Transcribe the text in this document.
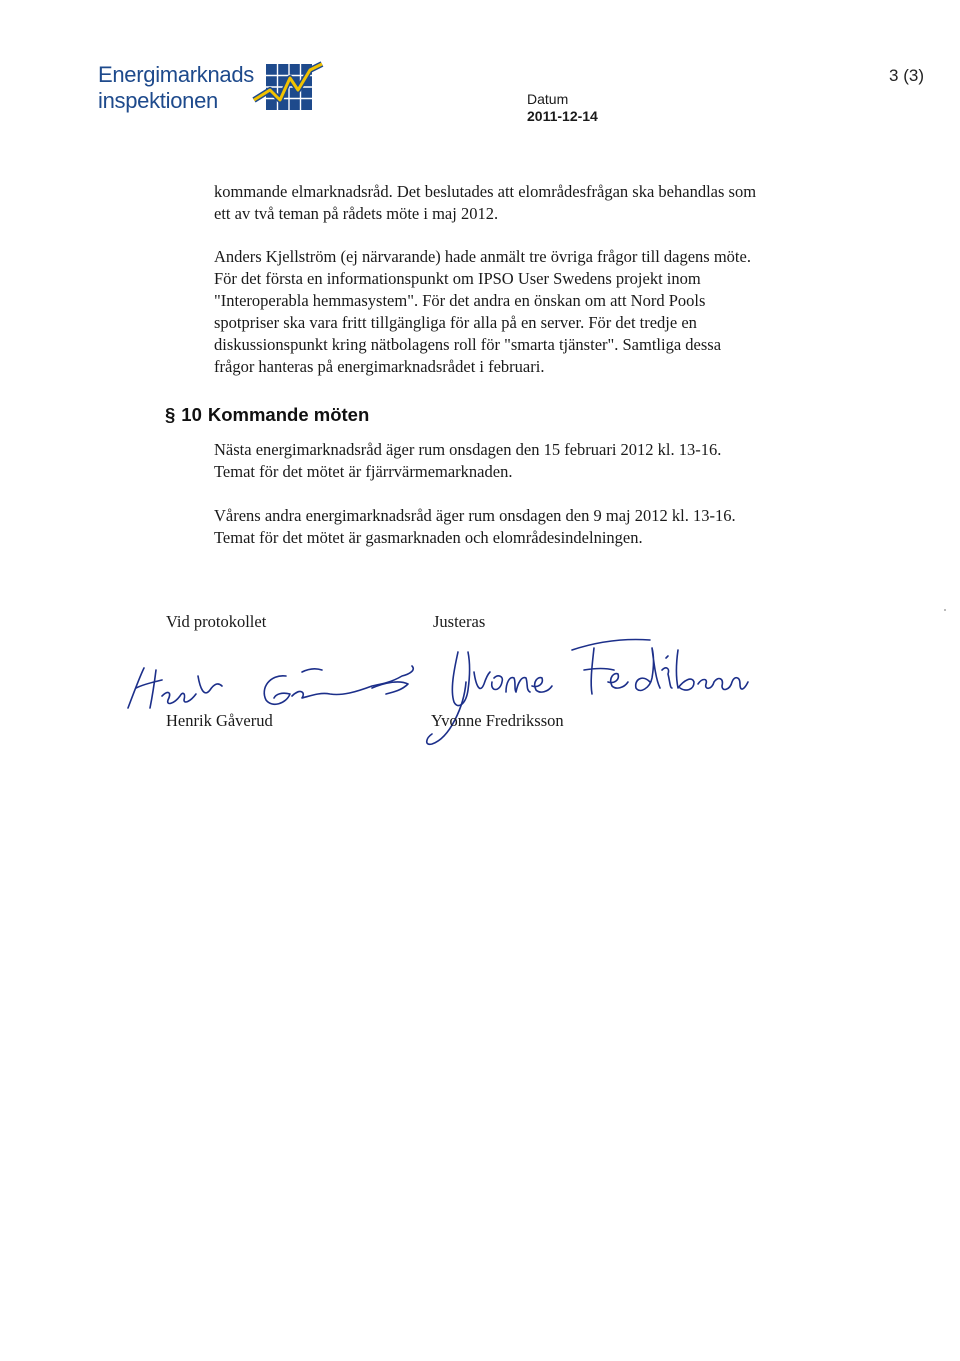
Energimarknads
inspektionen
3 (3)
Datum
2011-12-14
kommande elmarknadsråd. Det beslutades att elområdesfrågan ska behandlas som
ett av två teman på rådets möte i maj 2012.
Anders Kjellström (ej närvarande) hade anmält tre övriga frågor till dagens möte.
För det första en informationspunkt om IPSO User Swedens projekt inom
"Interoperabla hemmasystem". För det andra en önskan om att Nord Pools
spotpriser ska vara fritt tillgängliga för alla på en server. För det tredje en
diskussionspunkt kring nätbolagens roll för "smarta tjänster". Samtliga dessa
frågor hanteras på energimarknadsrådet i februari.
§ 10 Kommande möten
Nästa energimarknadsråd äger rum onsdagen den 15 februari 2012 kl. 13-16.
Temat för det mötet är fjärrvärmemarknaden.
Vårens andra energimarknadsråd äger rum onsdagen den 9 maj 2012 kl. 13-16.
Temat för det mötet är gasmarknaden och elområdesindelningen.
Vid protokollet	Justeras
Henrik Gåverud	Yvonne Fredriksson
